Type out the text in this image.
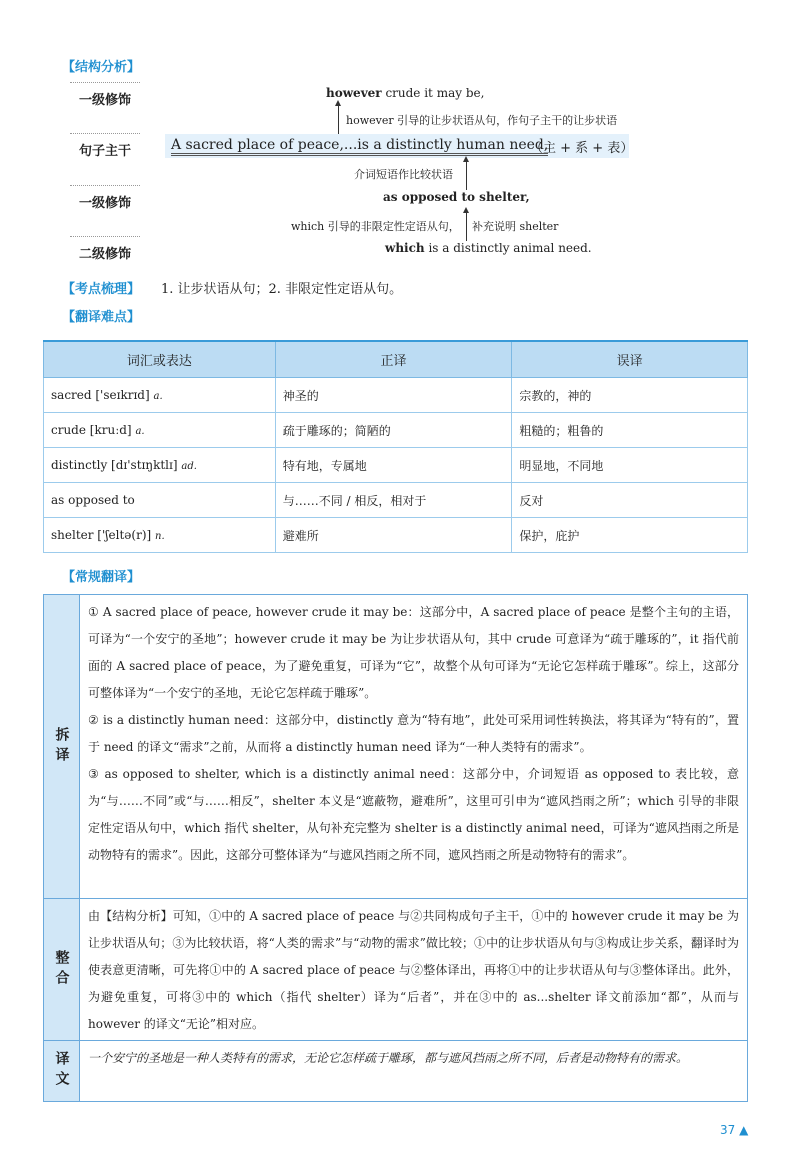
【结构分析】
一级修饰
句子主干
一级修饰
二级修饰
however crude it may be,
however 引导的让步状语从句，作句子主干的让步状语
A sacred place of peace,...is a distinctly human need,
（主 + 系 + 表）
介词短语作比较状语
as opposed to shelter,
which 引导的非限定性定语从句， 补充说明 shelter
which is a distinctly animal need.
【考点梳理】 1. 让步状语从句；2. 非限定性定语从句。
【翻译难点】
词汇或表达	正译	误译
sacred ['seɪkrɪd] a.	神圣的	宗教的，神的
crude [kruːd] a.	疏于雕琢的；简陋的	粗糙的；粗鲁的
distinctly [dɪ'stɪŋktlɪ] ad.	特有地，专属地	明显地，不同地
as opposed to	与……不同 / 相反，相对于	反对
shelter ['ʃeltə(r)] n.	避难所	保护，庇护
【常规翻译】
拆译

① A sacred place of peace, however crude it may be：这部分中，A sacred place of peace 是整个主句的主语，可译为“一个安宁的圣地”；however crude it may be 为让步状语从句，其中 crude 可意译为“疏于雕琢的”，it 指代前面的 A sacred place of peace，为了避免重复，可译为“它”，故整个从句可译为“无论它怎样疏于雕琢”。综上，这部分可整体译为“一个安宁的圣地，无论它怎样疏于雕琢”。

② is a distinctly human need：这部分中，distinctly 意为“特有地”，此处可采用词性转换法，将其译为“特有的”，置于 need 的译文“需求”之前，从而将 a distinctly human need 译为“一种人类特有的需求”。

③ as opposed to shelter, which is a distinctly animal need：这部分中，介词短语 as opposed to 表比较，意为“与……不同”或“与……相反”，shelter 本义是“遮蔽物，避难所”，这里可引申为“遮风挡雨之所”；which 引导的非限定性定语从句中，which 指代 shelter，从句补充完整为 shelter is a distinctly animal need，可译为“遮风挡雨之所是动物特有的需求”。因此，这部分可整体译为“与遮风挡雨之所不同，遮风挡雨之所是动物特有的需求”。

整合

由【结构分析】可知，①中的 A sacred place of peace 与②共同构成句子主干，①中的 however crude it may be 为让步状语从句；③为比较状语，将“人类的需求”与“动物的需求”做比较；①中的让步状语从句与③构成让步关系，翻译时为使表意更清晰，可先将①中的 A sacred place of peace 与②整体译出，再将①中的让步状语从句与③整体译出。此外，为避免重复，可将③中的 which（指代 shelter）译为“后者”，并在③中的 as...shelter 译文前添加“都”，从而与 however 的译文“无论”相对应。

译文 一个安宁的圣地是一种人类特有的需求，无论它怎样疏于雕琢，都与遮风挡雨之所不同，后者是动物特有的需求。

37 ▲
